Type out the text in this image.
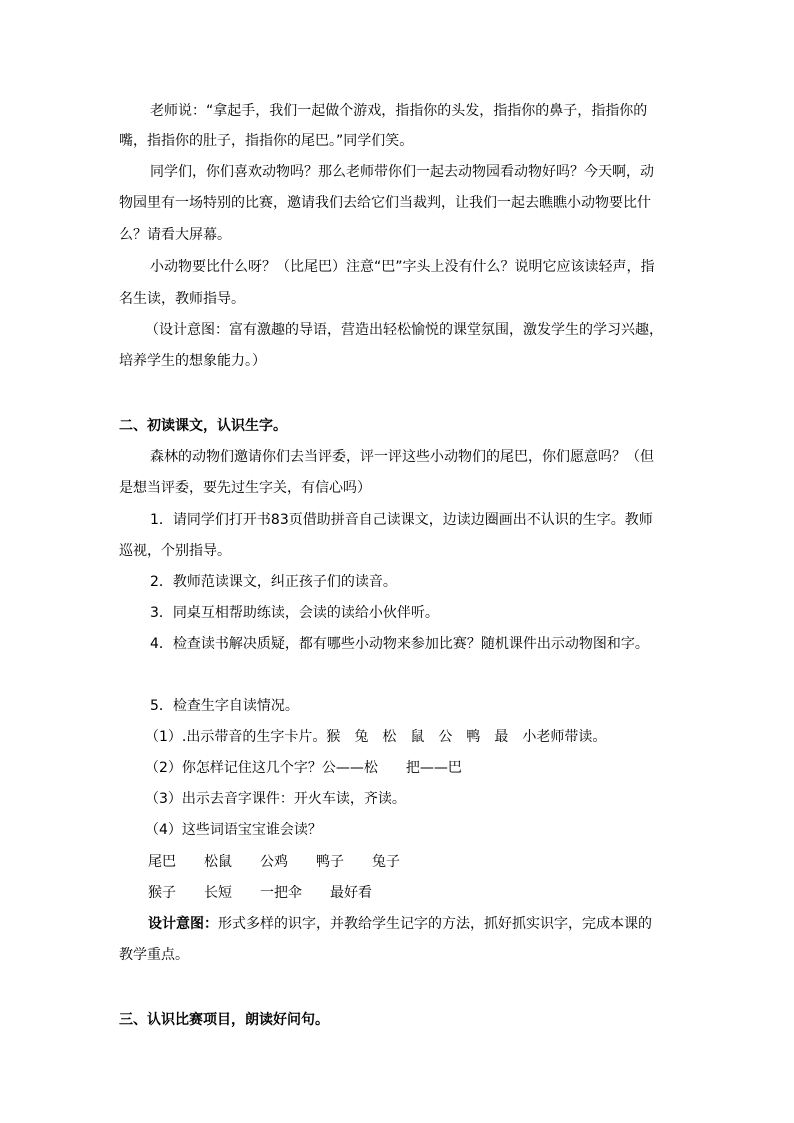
老师说：“拿起手，我们一起做个游戏，指指你的头发，指指你的鼻子，指指你的
嘴，指指你的肚子，指指你的尾巴。”同学们笑。
同学们，你们喜欢动物吗？那么老师带你们一起去动物园看动物好吗？今天啊，动
物园里有一场特别的比赛，邀请我们去给它们当裁判，让我们一起去瞧瞧小动物要比什
么？请看大屏幕。
小动物要比什么呀？（比尾巴）注意“巴”字头上没有什么？说明它应该读轻声，指
名生读，教师指导。
（设计意图：富有激趣的导语，营造出轻松愉悦的课堂氛围，激发学生的学习兴趣，
培养学生的想象能力。）
二、初读课文，认识生字。
森林的动物们邀请你们去当评委，评一评这些小动物们的尾巴，你们愿意吗？（但
是想当评委，要先过生字关，有信心吗）
1．请同学们打开书83页借助拼音自己读课文，边读边圈画出不认识的生字。教师
巡视，个别指导。
2．教师范读课文，纠正孩子们的读音。
3．同桌互相帮助练读，会读的读给小伙伴听。
4．检查读书解决质疑，都有哪些小动物来参加比赛？随机课件出示动物图和字。
5．检查生字自读情况。
（1）.出示带音的生字卡片。猴　兔　松　鼠　公　鸭　最　小老师带读。
（2）你怎样记住这几个字？公——松　　把——巴
（3）出示去音字课件：开火车读，齐读。
（4）这些词语宝宝谁会读？
尾巴　　松鼠　　公鸡　　鸭子　　兔子
猴子　　长短　　一把伞　　最好看
设计意图：形式多样的识字，并教给学生记字的方法，抓好抓实识字，完成本课的
教学重点。
三、认识比赛项目，朗读好问句。
